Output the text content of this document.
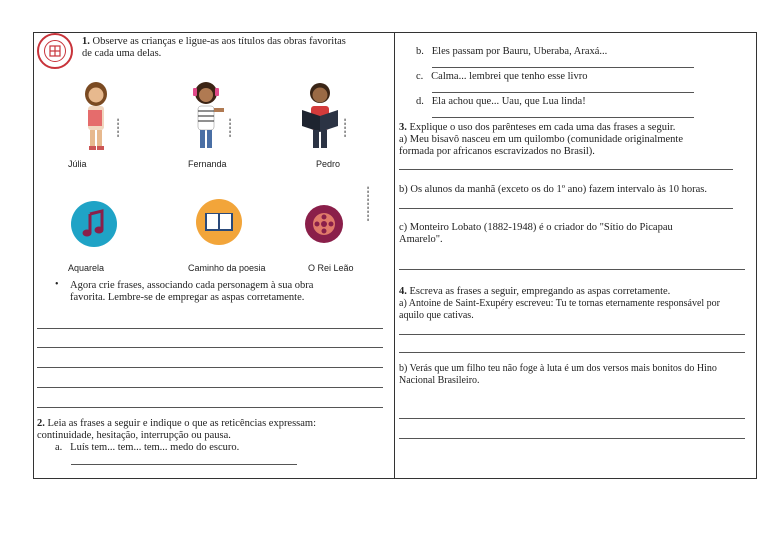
1. Observe as crianças e ligue-as aos títulos das obras favoritas
de cada uma delas.
▮▮▮▮▮	▮▮▮▮▮	▮▮▮▮▮
Júlia	Fernanda	Pedro
▮▮▮▮▮▮▮▮▮
Aquarela	Caminho da poesia	O Rei Leão
• Agora crie frases, associando cada personagem à sua obra
favorita. Lembre-se de empregar as aspas corretamente.
2. Leia as frases a seguir e indique o que as reticências expressam:
continuidade, hesitação, interrupção ou pausa.
a.   Luís tem... tem... tem... medo do escuro.
b.   Eles passam por Bauru, Uberaba, Araxá...
c.   Calma... lembrei que tenho esse livro
d.   Ela achou que... Uau, que Lua linda!
3. Explique o uso dos parênteses em cada uma das frases a seguir.
a) Meu bisavô nasceu em um quilombo (comunidade originalmente
formada por africanos escravizados no Brasil).
b) Os alunos da manhã (exceto os do 1º ano) fazem intervalo às 10 horas.
c) Monteiro Lobato (1882-1948) é o criador do "Sítio do Picapau
Amarelo".
4. Escreva as frases a seguir, empregando as aspas corretamente.
a) Antoine de Saint-Exupéry escreveu: Tu te tornas eternamente responsável por
aquilo que cativas.
b) Verás que um filho teu não foge à luta é um dos versos mais bonitos do Hino
Nacional Brasileiro.
